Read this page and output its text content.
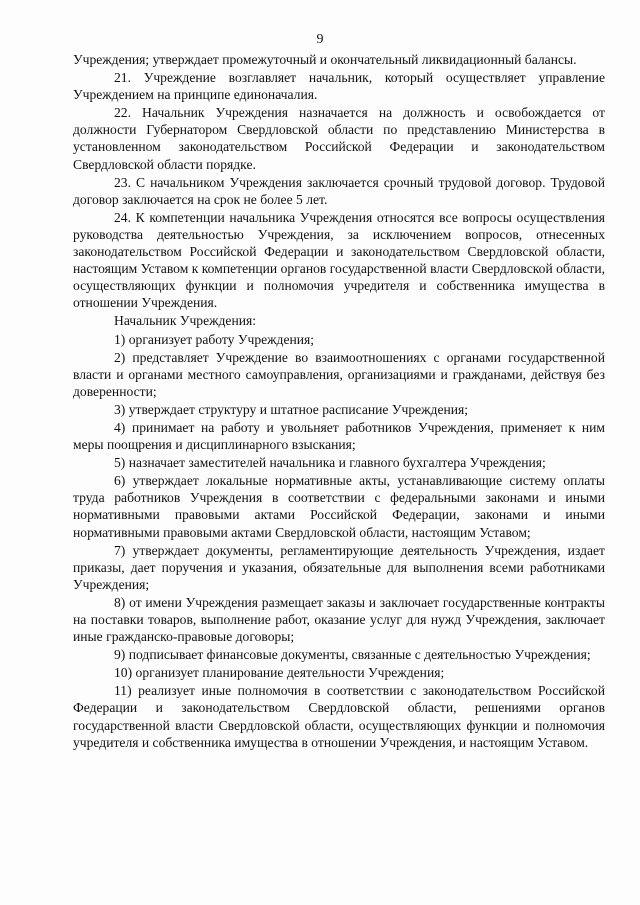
9

Учреждения; утверждает промежуточный и окончательный ликвидационный балансы.

21. Учреждение возглавляет начальник, который осуществляет управление Учреждением на принципе единоначалия.

22. Начальник Учреждения назначается на должность и освобождается от должности Губернатором Свердловской области по представлению Министерства в установленном законодательством Российской Федерации и законодательством Свердловской области порядке.

23. С начальником Учреждения заключается срочный трудовой договор. Трудовой договор заключается на срок не более 5 лет.

24. К компетенции начальника Учреждения относятся все вопросы осуществления руководства деятельностью Учреждения, за исключением вопросов, отнесенных законодательством Российской Федерации и законодательством Свердловской области, настоящим Уставом к компетенции органов государственной власти Свердловской области, осуществляющих функции и полномочия учредителя и собственника имущества в отношении Учреждения.

Начальник Учреждения:

1) организует работу Учреждения;

2) представляет Учреждение во взаимоотношениях с органами государственной власти и органами местного самоуправления, организациями и гражданами, действуя без доверенности;

3) утверждает структуру и штатное расписание Учреждения;

4) принимает на работу и увольняет работников Учреждения, применяет к ним меры поощрения и дисциплинарного взыскания;

5) назначает заместителей начальника и главного бухгалтера Учреждения;

6) утверждает локальные нормативные акты, устанавливающие систему оплаты труда работников Учреждения в соответствии с федеральными законами и иными нормативными правовыми актами Российской Федерации, законами и иными нормативными правовыми актами Свердловской области, настоящим Уставом;

7) утверждает документы, регламентирующие деятельность Учреждения, издает приказы, дает поручения и указания, обязательные для выполнения всеми работниками Учреждения;

8) от имени Учреждения размещает заказы и заключает государственные контракты на поставки товаров, выполнение работ, оказание услуг для нужд Учреждения, заключает иные гражданско-правовые договоры;

9) подписывает финансовые документы, связанные с деятельностью Учреждения;

10) организует планирование деятельности Учреждения;

11) реализует иные полномочия в соответствии с законодательством Российской Федерации и законодательством Свердловской области, решениями органов государственной власти Свердловской области, осуществляющих функции и полномочия учредителя и собственника имущества в отношении Учреждения, и настоящим Уставом.
